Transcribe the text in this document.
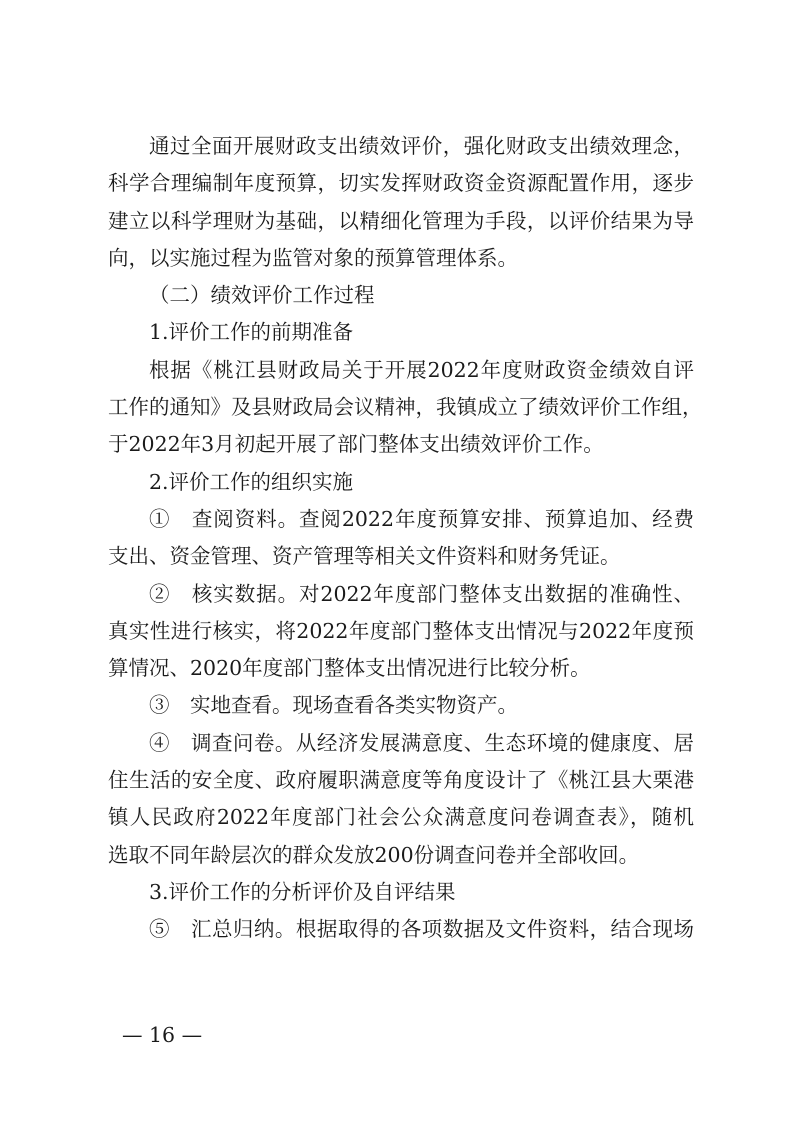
通过全面开展财政支出绩效评价，强化财政支出绩效理念，
科学合理编制年度预算，切实发挥财政资金资源配置作用，逐步
建立以科学理财为基础，以精细化管理为手段，以评价结果为导
向，以实施过程为监管对象的预算管理体系。
（二）绩效评价工作过程
1.评价工作的前期准备
根据《桃江县财政局关于开展2022年度财政资金绩效自评
工作的通知》及县财政局会议精神，我镇成立了绩效评价工作组，
于2022年3月初起开展了部门整体支出绩效评价工作。
2.评价工作的组织实施
①　查阅资料。查阅2022年度预算安排、预算追加、经费
支出、资金管理、资产管理等相关文件资料和财务凭证。
②　核实数据。对2022年度部门整体支出数据的准确性、
真实性进行核实，将2022年度部门整体支出情况与2022年度预
算情况、2020年度部门整体支出情况进行比较分析。
③　实地查看。现场查看各类实物资产。
④　调查问卷。从经济发展满意度、生态环境的健康度、居
住生活的安全度、政府履职满意度等角度设计了《桃江县大栗港
镇人民政府2022年度部门社会公众满意度问卷调查表》，随机
选取不同年龄层次的群众发放200份调查问卷并全部收回。
3.评价工作的分析评价及自评结果
⑤　汇总归纳。根据取得的各项数据及文件资料，结合现场
— 16 —
